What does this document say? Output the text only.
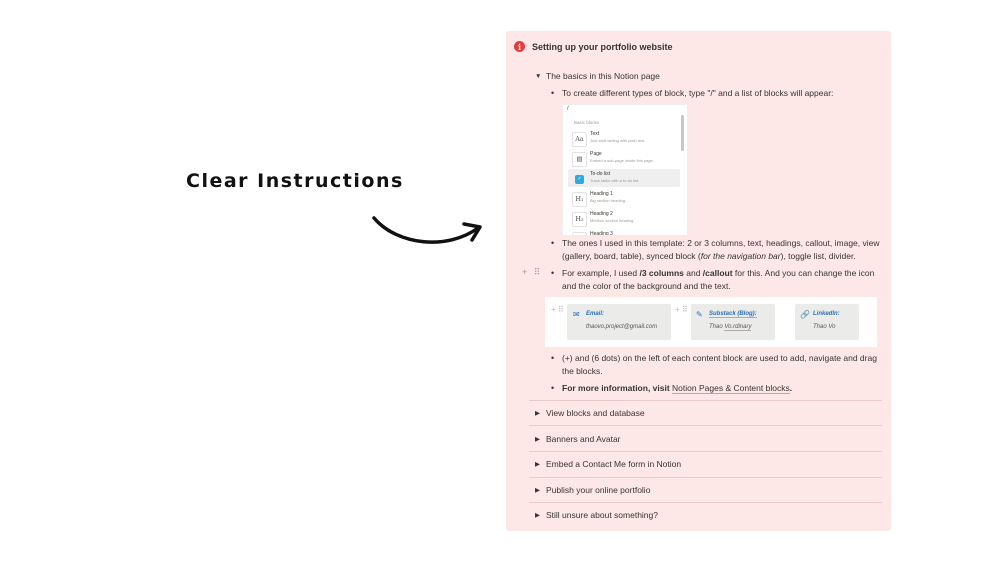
Clear Instructions
i	Setting up your portfolio website
▼ The basics in this Notion page
• To create different types of block, type "/" and a list of blocks will appear:
/
Basic blocks
Aa
Text
Just start writing with plain text.
▤
Page
Embed a sub-page inside this page.
✓
To-do list
Track tasks with a to-do list.
H₁
Heading 1
Big section heading.
H₂
Heading 2
Medium section heading.
Heading 3
• The ones I used in this template: 2 or 3 columns, text, headings, callout, image, view (gallery, board, table), synced block (for the navigation bar), toggle list, divider.
+ ⠿ • For example, I used /3 columns and /callout for this. And you can change the icon and the color of the background and the text.
+ ⠿
✉ Email:
thaovo.project@gmail.com
+ ⠿
✎ Substack (Blog):
Thao Vo.rdinary
🔗 LinkedIn:
Thao Vo
• (+) and (6 dots) on the left of each content block are used to add, navigate and drag the blocks.
• For more information, visit Notion Pages & Content blocks.
▶ View blocks and database
▶ Banners and Avatar
▶ Embed a Contact Me form in Notion
▶ Publish your online portfolio
▶ Still unsure about something?
